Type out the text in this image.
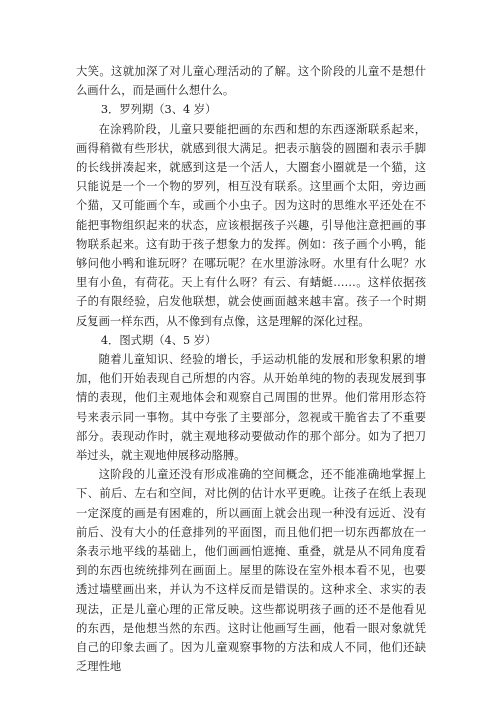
大笑。这就加深了对儿童心理活动的了解。这个阶段的儿童不是想什么画什么，而是画什么想什么。

3．罗列期（3、4 岁）

在涂鸦阶段，儿童只要能把画的东西和想的东西逐渐联系起来，画得稍微有些形状，就感到很大满足。把表示脑袋的圆圈和表示手脚的长线拼凑起来，就感到这是一个活人，大圈套小圈就是一个猫，这只能说是一个一个物的罗列，相互没有联系。这里画个太阳，旁边画个猫，又可能画个车，或画个小虫子。因为这时的思维水平还处在不能把事物组织起来的状态，应该根据孩子兴趣，引导他注意把画的事物联系起来。这有助于孩子想象力的发挥。例如：孩子画个小鸭，能够问他小鸭和谁玩呀？在哪玩呢？在水里游泳呀。水里有什么呢？水里有小鱼，有荷花。天上有什么呀？有云、有蜻蜓……。这样依据孩子的有限经验，启发他联想，就会使画面越来越丰富。孩子一个时期反复画一样东西，从不像到有点像，这是理解的深化过程。

4．图式期（4、5 岁）

随着儿童知识、经验的增长，手运动机能的发展和形象积累的增加，他们开始表现自己所想的内容。从开始单纯的物的表现发展到事情的表现，他们主观地体会和观察自己周围的世界。他们常用形态符号来表示同一事物。其中夸张了主要部分，忽视或干脆省去了不重要部分。表现动作时，就主观地移动要做动作的那个部分。如为了把刀举过头，就主观地伸展移动胳膊。

这阶段的儿童还没有形成准确的空间概念，还不能准确地掌握上下、前后、左右和空间，对比例的估计水平更晚。让孩子在纸上表现一定深度的画是有困难的，所以画面上就会出现一种没有远近、没有前后、没有大小的任意排列的平面图，而且他们把一切东西都放在一条表示地平线的基础上，他们画画怕遮掩、重叠，就是从不同角度看到的东西也统统排列在画面上。屋里的陈设在室外根本看不见，也要透过墙壁画出来，并认为不这样反而是错误的。这种求全、求实的表现法，正是儿童心理的正常反映。这些都说明孩子画的还不是他看见的东西，是他想当然的东西。这时让他画写生画，他看一眼对象就凭自己的印象去画了。因为儿童观察事物的方法和成人不同，他们还缺乏理性地
